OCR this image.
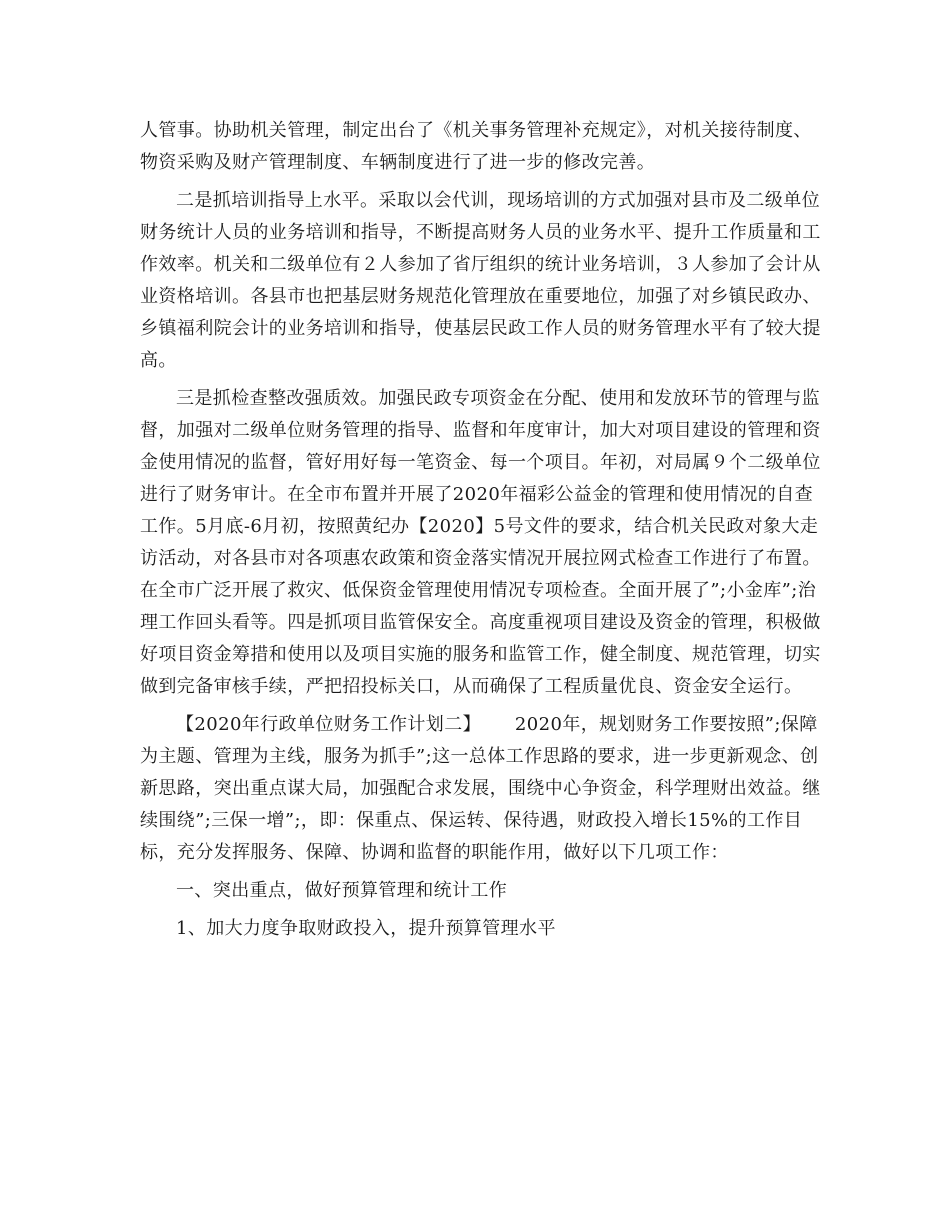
人管事。协助机关管理，制定出台了《机关事务管理补充规定》，对机关接待制度、物资采购及财产管理制度、车辆制度进行了进一步的修改完善。

二是抓培训指导上水平。采取以会代训，现场培训的方式加强对县市及二级单位财务统计人员的业务培训和指导，不断提高财务人员的业务水平、提升工作质量和工作效率。机关和二级单位有２人参加了省厅组织的统计业务培训，３人参加了会计从业资格培训。各县市也把基层财务规范化管理放在重要地位，加强了对乡镇民政办、乡镇福利院会计的业务培训和指导，使基层民政工作人员的财务管理水平有了较大提高。

三是抓检查整改强质效。加强民政专项资金在分配、使用和发放环节的管理与监督，加强对二级单位财务管理的指导、监督和年度审计，加大对项目建设的管理和资金使用情况的监督，管好用好每一笔资金、每一个项目。年初，对局属９个二级单位进行了财务审计。在全市布置并开展了2020年福彩公益金的管理和使用情况的自查工作。5月底-6月初，按照黄纪办【2020】5号文件的要求，结合机关民政对象大走访活动，对各县市对各项惠农政策和资金落实情况开展拉网式检查工作进行了布置。在全市广泛开展了救灾、低保资金管理使用情况专项检查。全面开展了”;小金库”;治理工作回头看等。四是抓项目监管保安全。高度重视项目建设及资金的管理，积极做好项目资金筹措和使用以及项目实施的服务和监管工作，健全制度、规范管理，切实做到完备审核手续，严把招投标关口，从而确保了工程质量优良、资金安全运行。

【2020年行政单位财务工作计划二】　　 2020年，规划财务工作要按照”;保障为主题、管理为主线，服务为抓手”;这一总体工作思路的要求，进一步更新观念、创新思路，突出重点谋大局，加强配合求发展，围绕中心争资金，科学理财出效益。继续围绕”;三保一增”;，即：保重点、保运转、保待遇，财政投入增长15%的工作目标，充分发挥服务、保障、协调和监督的职能作用，做好以下几项工作：

一、突出重点，做好预算管理和统计工作

1、加大力度争取财政投入，提升预算管理水平
